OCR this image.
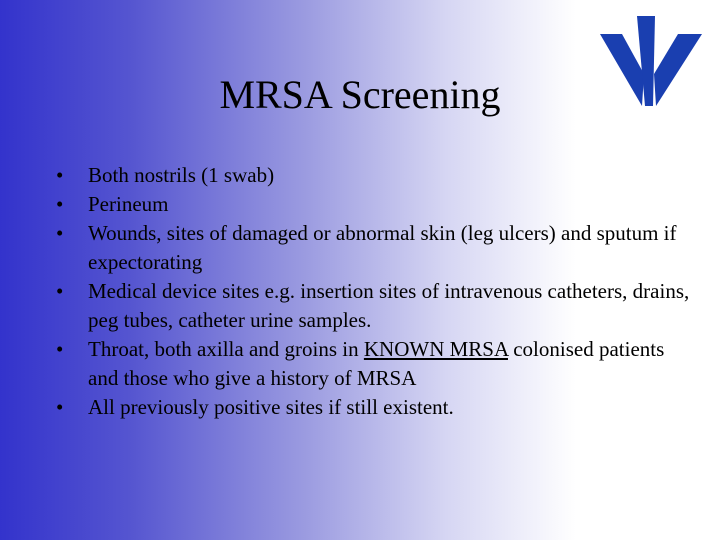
MRSA Screening
•	Both nostrils (1 swab)
•	Perineum
•	Wounds, sites of damaged or abnormal skin (leg ulcers) and sputum if expectorating
•	Medical device sites e.g. insertion sites of intravenous catheters, drains, peg tubes, catheter urine samples.
•	Throat, both axilla and groins in KNOWN MRSA colonised patients and those who give a history of MRSA
•	All previously positive sites if still existent.
